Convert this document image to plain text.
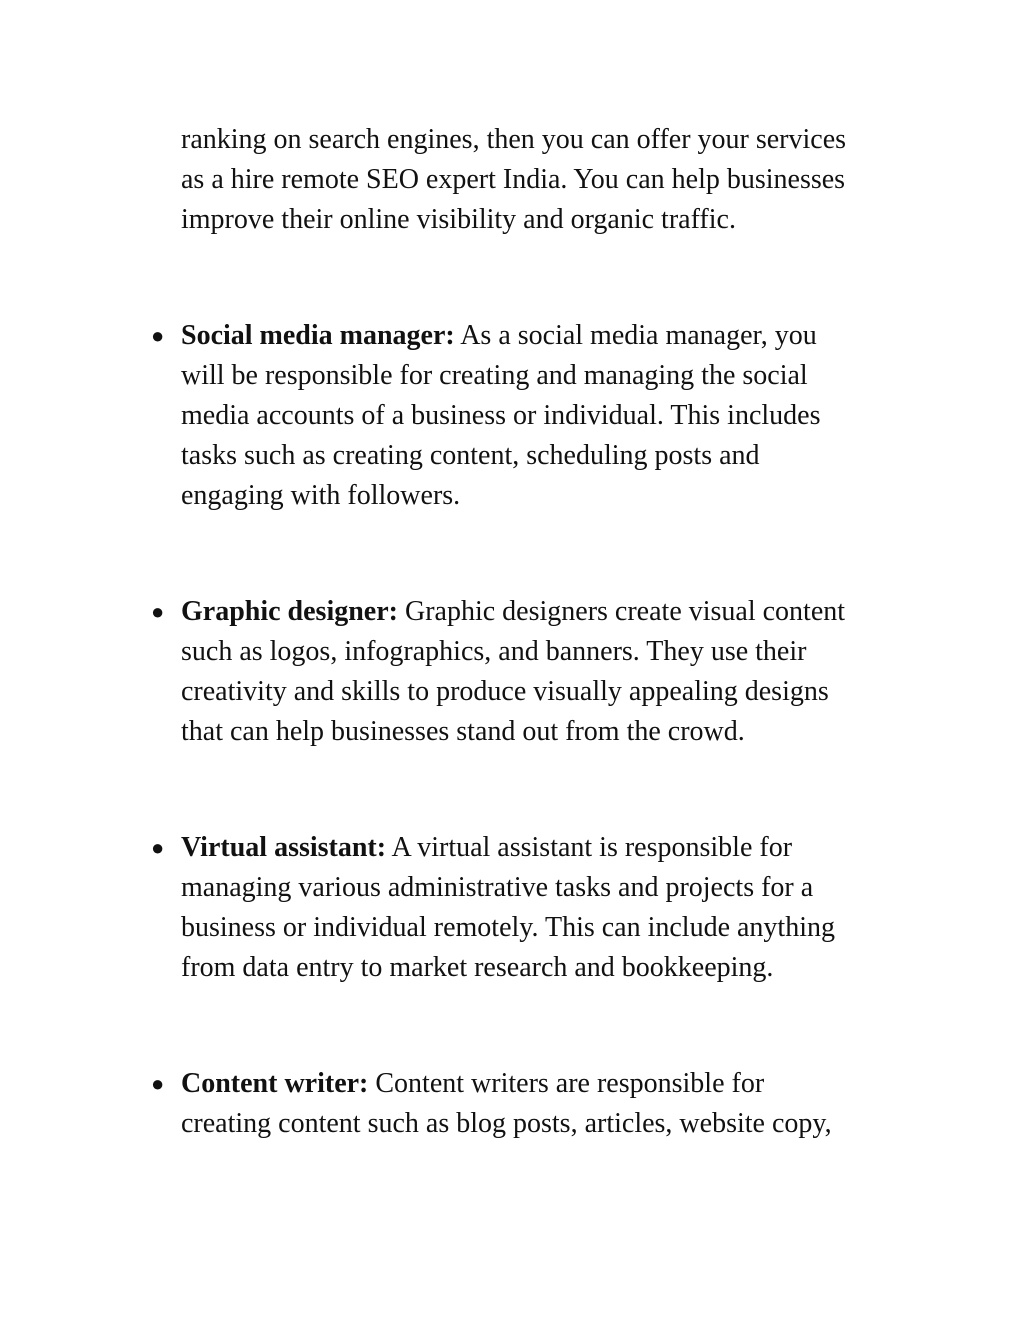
ranking on search engines, then you can offer your services
as a hire remote SEO expert India. You can help businesses
improve their online visibility and organic traffic.
● Social media manager: As a social media manager, you
will be responsible for creating and managing the social
media accounts of a business or individual. This includes
tasks such as creating content, scheduling posts and
engaging with followers.
● Graphic designer: Graphic designers create visual content
such as logos, infographics, and banners. They use their
creativity and skills to produce visually appealing designs
that can help businesses stand out from the crowd.
● Virtual assistant: A virtual assistant is responsible for
managing various administrative tasks and projects for a
business or individual remotely. This can include anything
from data entry to market research and bookkeeping.
● Content writer: Content writers are responsible for
creating content such as blog posts, articles, website copy,
